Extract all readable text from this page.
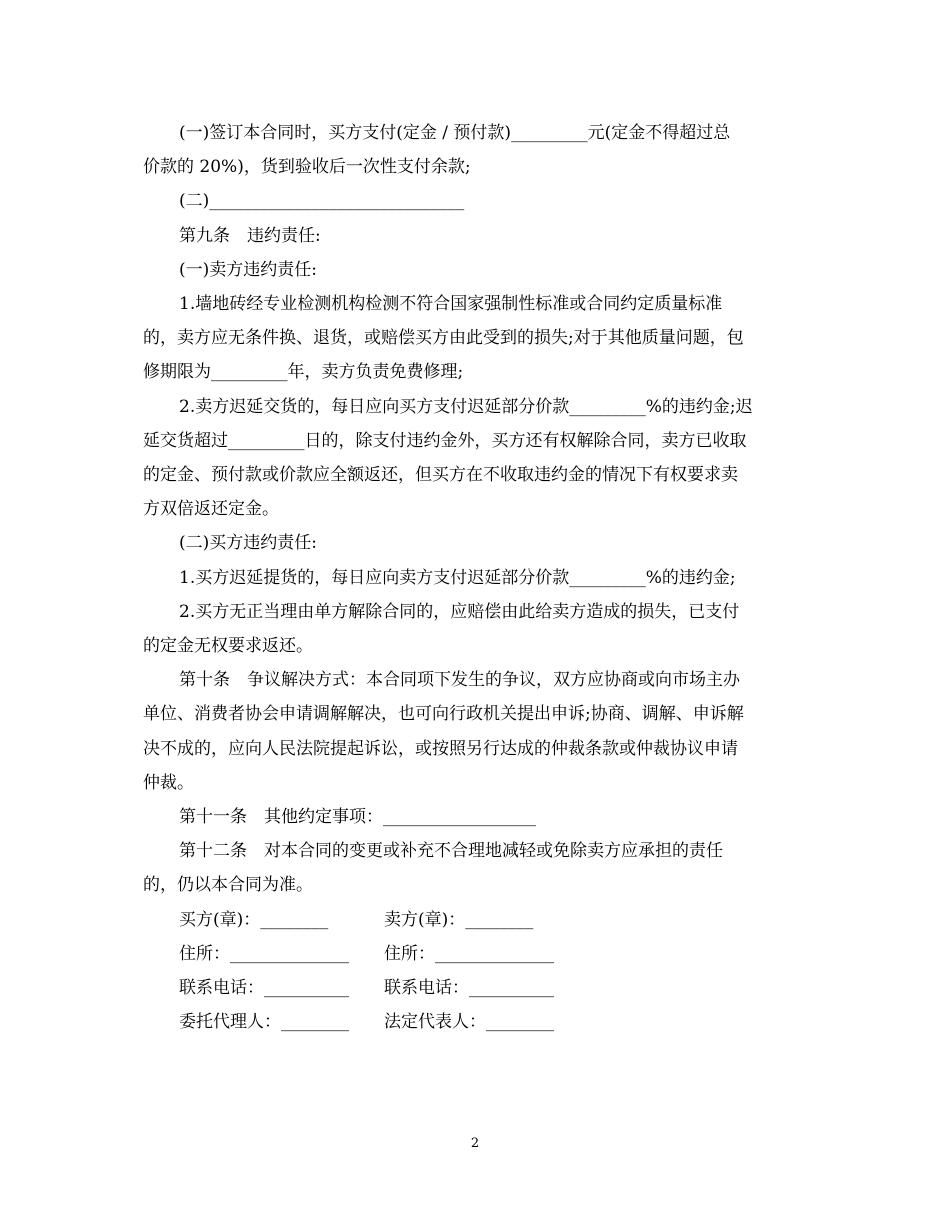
(一)签订本合同时，买方支付(定金 / 预付款)_________元(定金不得超过总

价款的 20%)，货到验收后一次性支付余款;

(二)______________________________

第九条　违约责任:

(一)卖方违约责任:

1.墙地砖经专业检测机构检测不符合国家强制性标准或合同约定质量标准

的，卖方应无条件换、退货，或赔偿买方由此受到的损失;对于其他质量问题，包

修期限为_________年，卖方负责免费修理;

2.卖方迟延交货的，每日应向买方支付迟延部分价款_________%的违约金;迟

延交货超过_________日的，除支付违约金外，买方还有权解除合同，卖方已收取

的定金、预付款或价款应全额返还，但买方在不收取违约金的情况下有权要求卖

方双倍返还定金。

(二)买方违约责任:

1.买方迟延提货的，每日应向卖方支付迟延部分价款_________%的违约金;

2.买方无正当理由单方解除合同的，应赔偿由此给卖方造成的损失，已支付

的定金无权要求返还。

第十条　争议解决方式：本合同项下发生的争议，双方应协商或向市场主办

单位、消费者协会申请调解解决，也可向行政机关提出申诉;协商、调解、申诉解

决不成的，应向人民法院提起诉讼，或按照另行达成的仲裁条款或仲裁协议申请

仲裁。

第十一条　其他约定事项：__________________

第十二条　对本合同的变更或补充不合理地减轻或免除卖方应承担的责任

的，仍以本合同为准。

买方(章)：________	卖方(章)：________
住所：______________ 住所：______________
联系电话：__________ 联系电话：__________
委托代理人：________ 法定代表人：________
2
